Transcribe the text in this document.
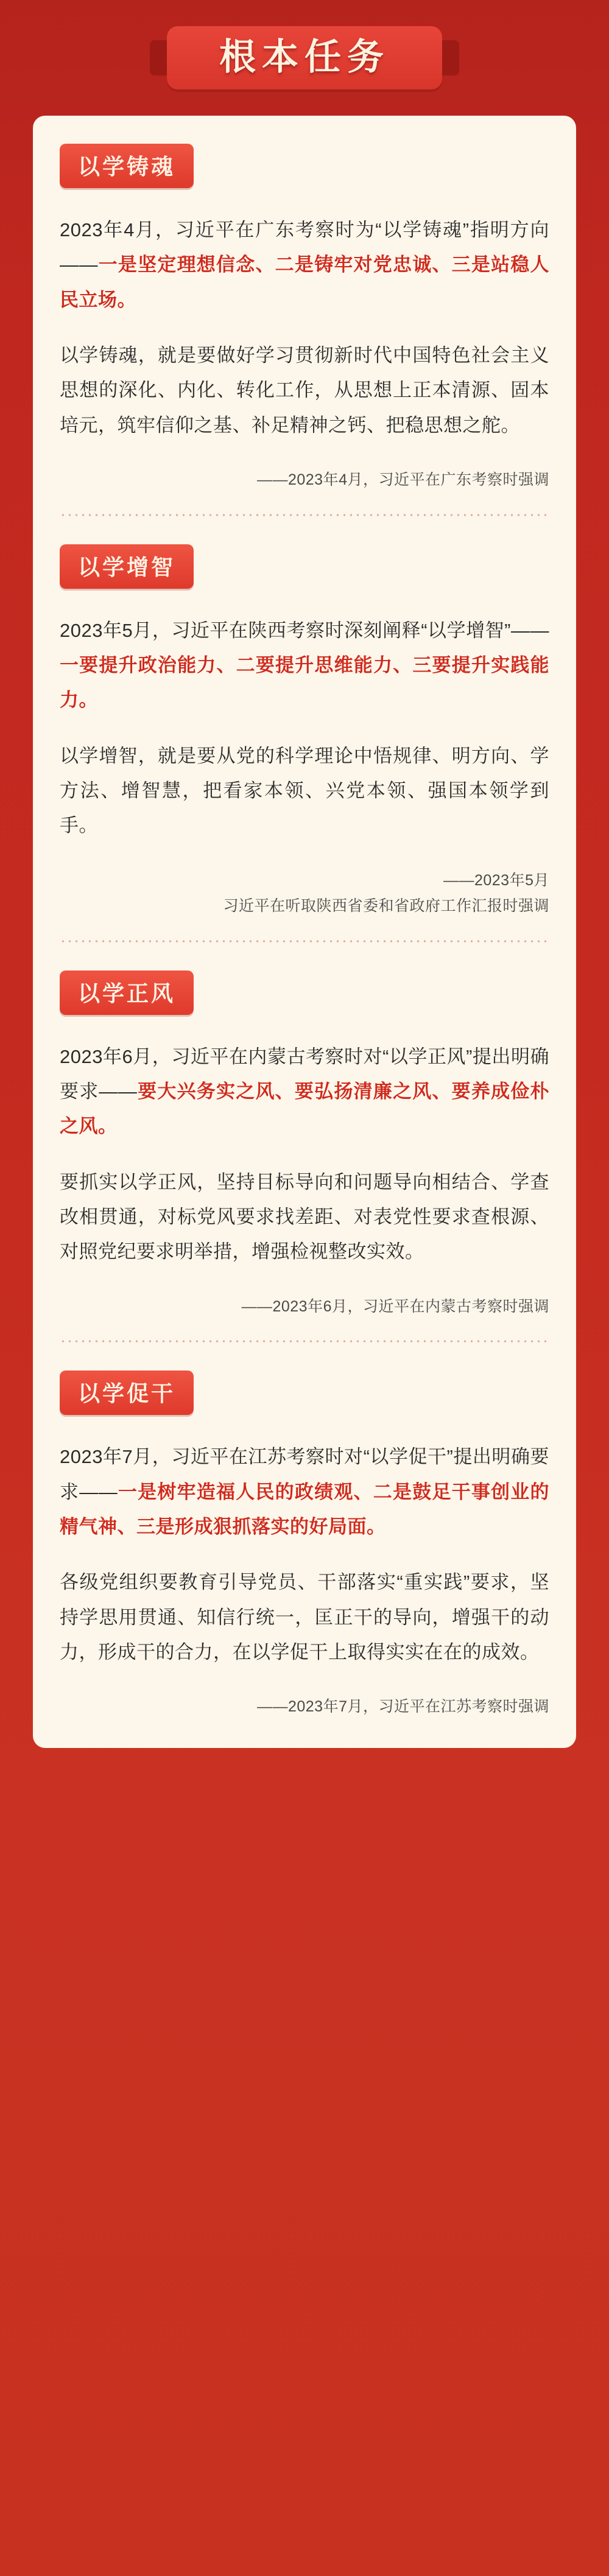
根本任务
以学铸魂

2023年4月，习近平在广东考察时为“以学铸魂”指明方向——一是坚定理想信念、二是铸牢对党忠诚、三是站稳人民立场。

以学铸魂，就是要做好学习贯彻新时代中国特色社会主义思想的深化、内化、转化工作，从思想上正本清源、固本培元，筑牢信仰之基、补足精神之钙、把稳思想之舵。

——2023年4月，习近平在广东考察时强调
以学增智

2023年5月，习近平在陕西考察时深刻阐释“以学增智”——一要提升政治能力、二要提升思维能力、三要提升实践能力。

以学增智，就是要从党的科学理论中悟规律、明方向、学方法、增智慧，把看家本领、兴党本领、强国本领学到手。

——2023年5月
习近平在听取陕西省委和省政府工作汇报时强调
以学正风

2023年6月，习近平在内蒙古考察时对“以学正风”提出明确要求——要大兴务实之风、要弘扬清廉之风、要养成俭朴之风。

要抓实以学正风，坚持目标导向和问题导向相结合、学查改相贯通，对标党风要求找差距、对表党性要求查根源、对照党纪要求明举措，增强检视整改实效。

——2023年6月，习近平在内蒙古考察时强调
以学促干

2023年7月，习近平在江苏考察时对“以学促干”提出明确要求——一是树牢造福人民的政绩观、二是鼓足干事创业的精气神、三是形成狠抓落实的好局面。

各级党组织要教育引导党员、干部落实“重实践”要求，坚持学思用贯通、知信行统一，匡正干的导向，增强干的动力，形成干的合力，在以学促干上取得实实在在的成效。

——2023年7月，习近平在江苏考察时强调
